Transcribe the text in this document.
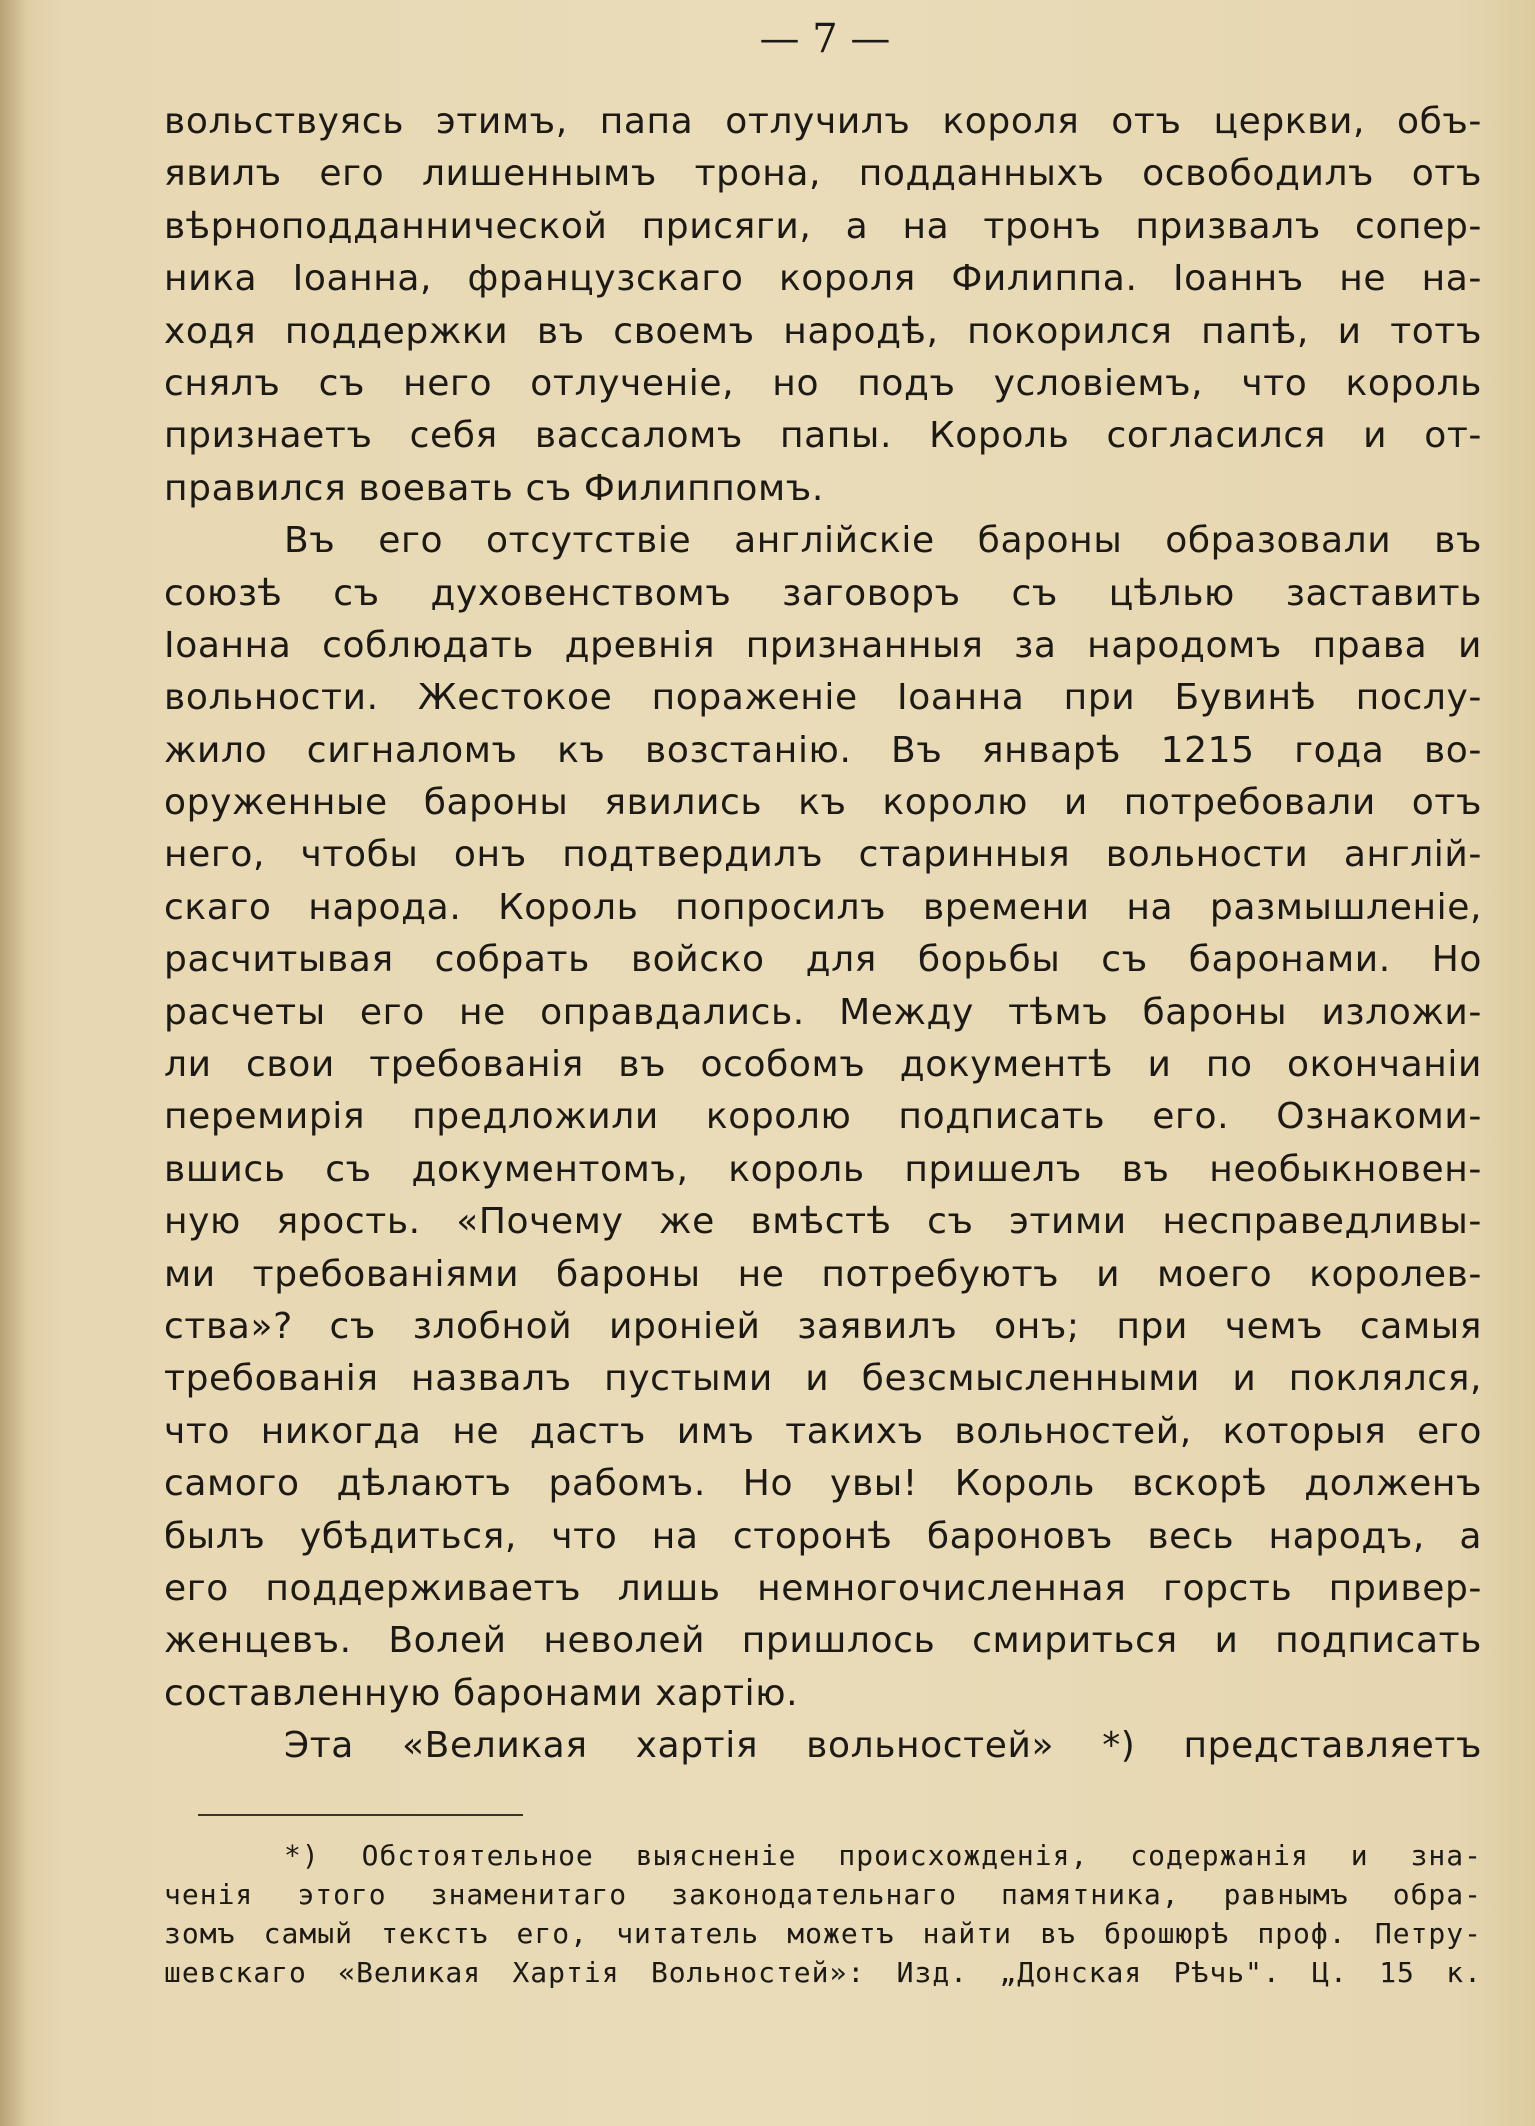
— 7 —
вольствуясь этимъ, папа отлучилъ короля отъ церкви, объ-
явилъ его лишеннымъ трона, подданныхъ освободилъ отъ
вѣрноподданнической присяги, а на тронъ призвалъ сопер-
ника Іоанна, французскаго короля Филиппа. Іоаннъ не на-
ходя поддержки въ своемъ народѣ, покорился папѣ, и тотъ
снялъ съ него отлученіе, но подъ условіемъ, что король
признаетъ себя вассаломъ папы. Король согласился и от-
правился воевать съ Филиппомъ.
Въ его отсутствіе англійскіе бароны образовали въ
союзѣ съ духовенствомъ заговоръ съ цѣлью заставить
Іоанна соблюдать древнія признанныя за народомъ права и
вольности. Жестокое пораженіе Іоанна при Бувинѣ послу-
жило сигналомъ къ возстанію. Въ январѣ 1215 года во-
оруженные бароны явились къ королю и потребовали отъ
него, чтобы онъ подтвердилъ старинныя вольности англій-
скаго народа. Король попросилъ времени на размышленіе,
расчитывая собрать войско для борьбы съ баронами. Но
расчеты его не оправдались. Между тѣмъ бароны изложи-
ли свои требованія въ особомъ документѣ и по окончаніи
перемирія предложили королю подписать его. Ознакоми-
вшись съ документомъ, король пришелъ въ необыкновен-
ную ярость. «Почему же вмѣстѣ съ этими несправедливы-
ми требованіями бароны не потребуютъ и моего королев-
ства»? съ злобной ироніей заявилъ онъ; при чемъ самыя
требованія назвалъ пустыми и безсмысленными и поклялся,
что никогда не дастъ имъ такихъ вольностей, которыя его
самого дѣлаютъ рабомъ. Но увы! Король вскорѣ долженъ
былъ убѣдиться, что на сторонѣ бароновъ весь народъ, а
его поддерживаетъ лишь немногочисленная горсть привер-
женцевъ. Волей неволей пришлось смириться и подписать
составленную баронами хартію.
Эта «Великая хартія вольностей» *) представляетъ
*) Обстоятельное выясненіе происхожденія, содержанія и зна-
ченія этого знаменитаго законодательнаго памятника, равнымъ обра-
зомъ самый текстъ его, читатель можетъ найти въ брошюрѣ проф. Петру-
шевскаго «Великая Хартія Вольностей»: Изд. „Донская Рѣчь". Ц. 15 к.
